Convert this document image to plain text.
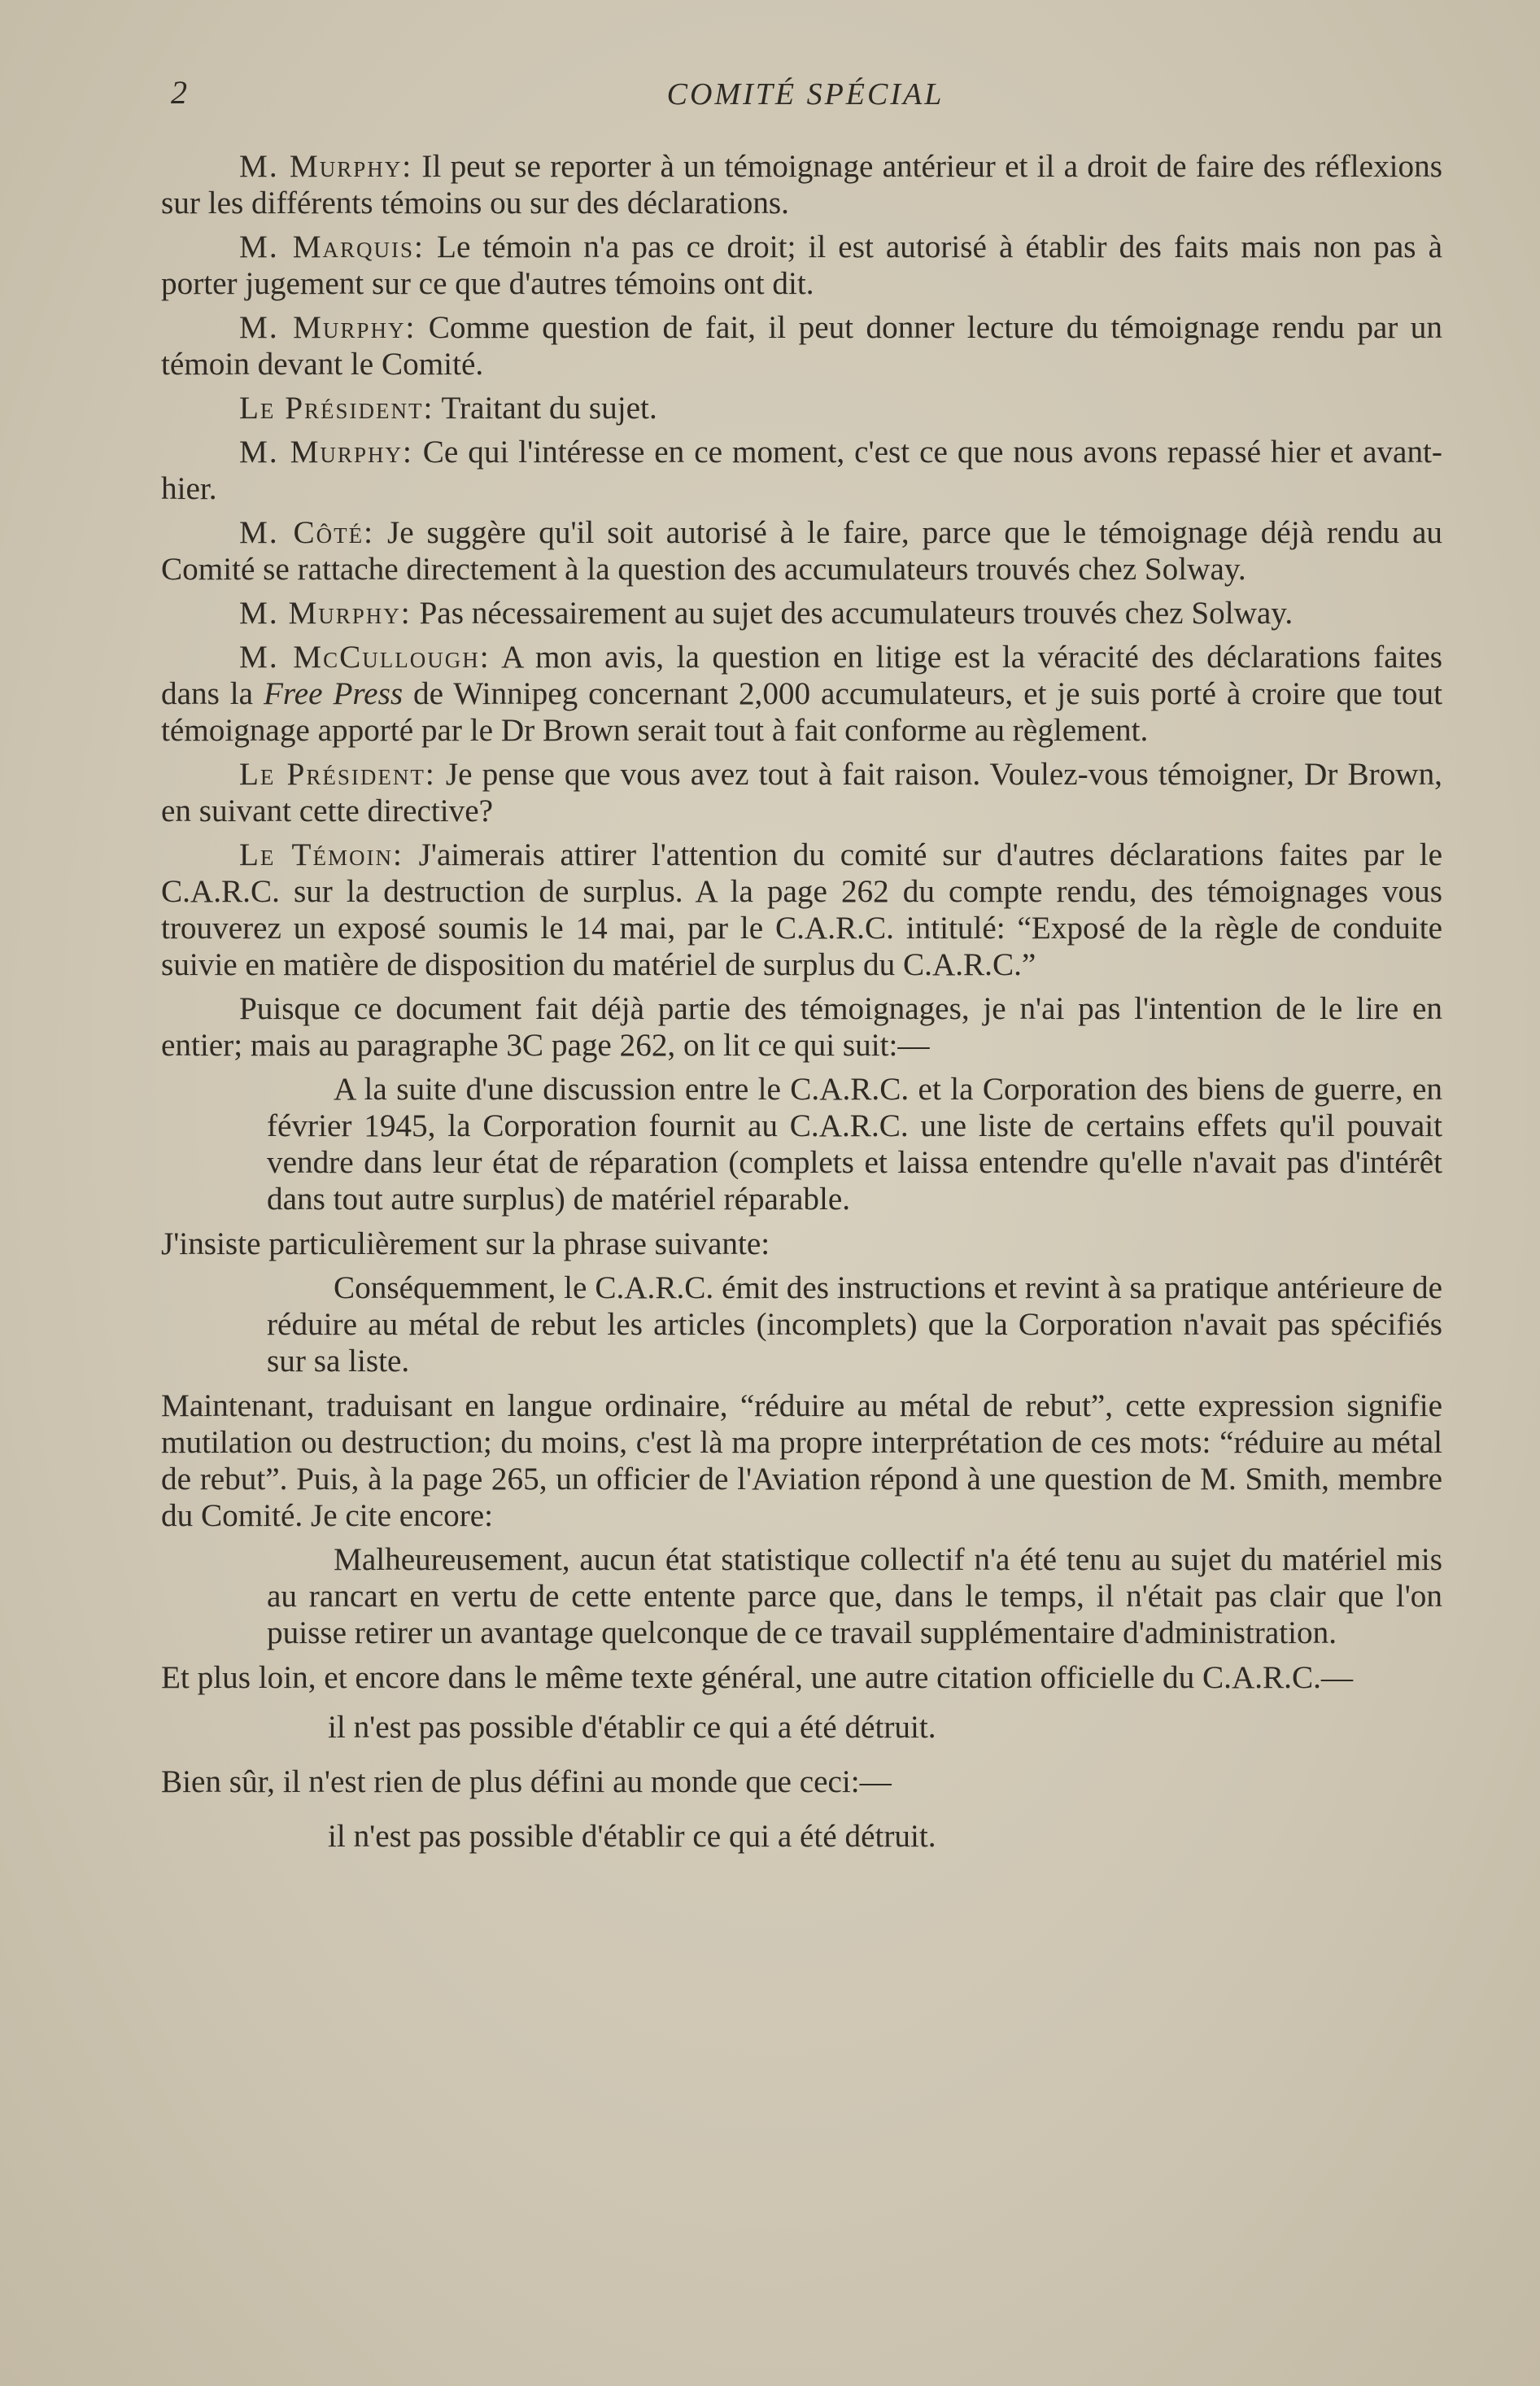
2	COMITÉ SPÉCIAL

M. Murphy: Il peut se reporter à un témoignage antérieur et il a droit de faire des réflexions sur les différents témoins ou sur des déclarations.

M. Marquis: Le témoin n'a pas ce droit; il est autorisé à établir des faits mais non pas à porter jugement sur ce que d'autres témoins ont dit.

M. Murphy: Comme question de fait, il peut donner lecture du témoignage rendu par un témoin devant le Comité.

Le Président: Traitant du sujet.

M. Murphy: Ce qui l'intéresse en ce moment, c'est ce que nous avons repassé hier et avant-hier.

M. Côté: Je suggère qu'il soit autorisé à le faire, parce que le témoignage déjà rendu au Comité se rattache directement à la question des accumulateurs trouvés chez Solway.

M. Murphy: Pas nécessairement au sujet des accumulateurs trouvés chez Solway.

M. McCullough: A mon avis, la question en litige est la véracité des déclarations faites dans la Free Press de Winnipeg concernant 2,000 accumulateurs, et je suis porté à croire que tout témoignage apporté par le Dr Brown serait tout à fait conforme au règlement.

Le Président: Je pense que vous avez tout à fait raison. Voulez-vous témoigner, Dr Brown, en suivant cette directive?

Le Témoin: J'aimerais attirer l'attention du comité sur d'autres déclarations faites par le C.A.R.C. sur la destruction de surplus. A la page 262 du compte rendu, des témoignages vous trouverez un exposé soumis le 14 mai, par le C.A.R.C. intitulé: “Exposé de la règle de conduite suivie en matière de disposition du matériel de surplus du C.A.R.C.”

Puisque ce document fait déjà partie des témoignages, je n'ai pas l'intention de le lire en entier; mais au paragraphe 3C page 262, on lit ce qui suit:—

A la suite d'une discussion entre le C.A.R.C. et la Corporation des biens de guerre, en février 1945, la Corporation fournit au C.A.R.C. une liste de certains effets qu'il pouvait vendre dans leur état de réparation (complets et laissa entendre qu'elle n'avait pas d'intérêt dans tout autre surplus) de matériel réparable.

J'insiste particulièrement sur la phrase suivante:

Conséquemment, le C.A.R.C. émit des instructions et revint à sa pratique antérieure de réduire au métal de rebut les articles (incomplets) que la Corporation n'avait pas spécifiés sur sa liste.

Maintenant, traduisant en langue ordinaire, “réduire au métal de rebut”, cette expression signifie mutilation ou destruction; du moins, c'est là ma propre interprétation de ces mots: “réduire au métal de rebut”. Puis, à la page 265, un officier de l'Aviation répond à une question de M. Smith, membre du Comité. Je cite encore:

Malheureusement, aucun état statistique collectif n'a été tenu au sujet du matériel mis au rancart en vertu de cette entente parce que, dans le temps, il n'était pas clair que l'on puisse retirer un avantage quelconque de ce travail supplémentaire d'administration.

Et plus loin, et encore dans le même texte général, une autre citation officielle du C.A.R.C.—

il n'est pas possible d'établir ce qui a été détruit.

Bien sûr, il n'est rien de plus défini au monde que ceci:—

il n'est pas possible d'établir ce qui a été détruit.
